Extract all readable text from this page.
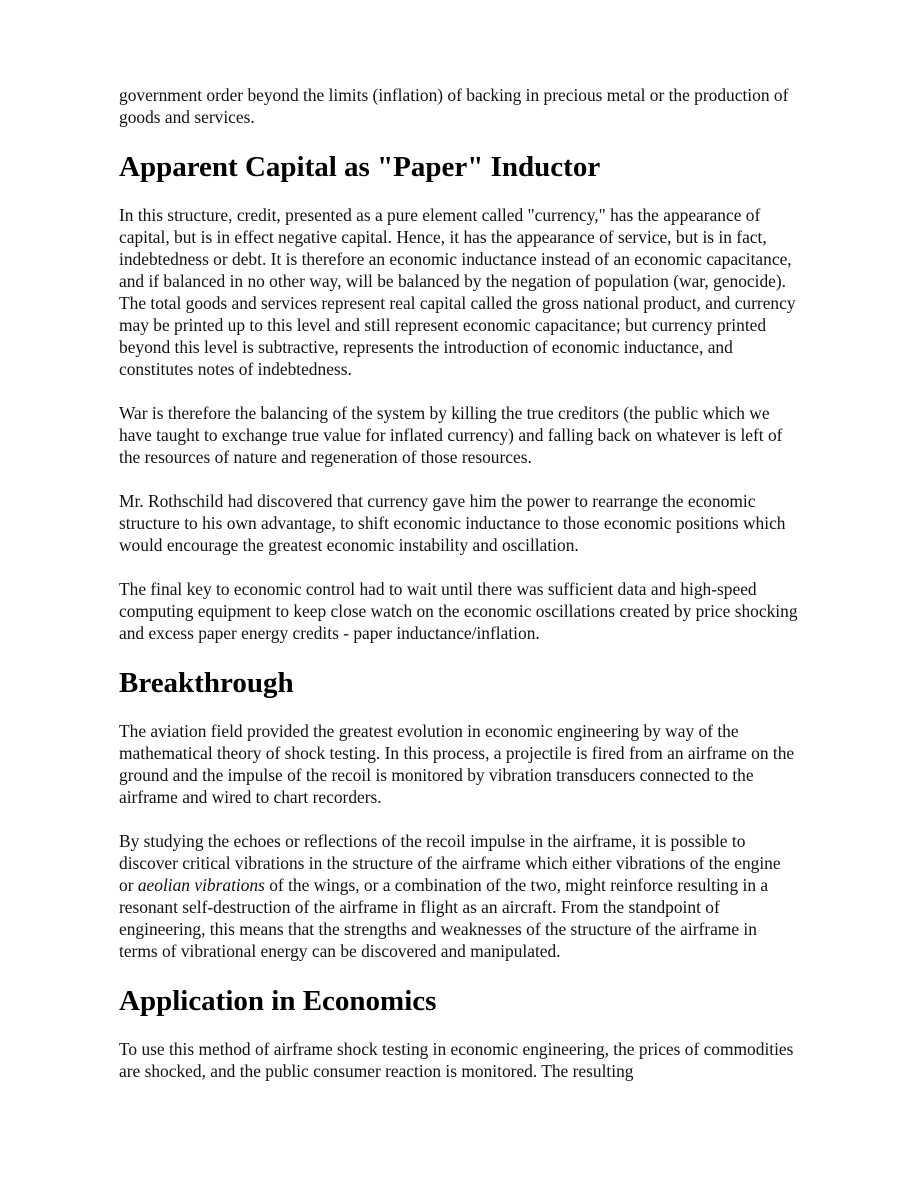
government order beyond the limits (inflation) of backing in precious metal or the production of goods and services.

Apparent Capital as "Paper" Inductor

In this structure, credit, presented as a pure element called "currency," has the appearance of capital, but is in effect negative capital. Hence, it has the appearance of service, but is in fact, indebtedness or debt. It is therefore an economic inductance instead of an economic capacitance, and if balanced in no other way, will be balanced by the negation of population (war, genocide). The total goods and services represent real capital called the gross national product, and currency may be printed up to this level and still represent economic capacitance; but currency printed beyond this level is subtractive, represents the introduction of economic inductance, and constitutes notes of indebtedness.

War is therefore the balancing of the system by killing the true creditors (the public which we have taught to exchange true value for inflated currency) and falling back on whatever is left of the resources of nature and regeneration of those resources.

Mr. Rothschild had discovered that currency gave him the power to rearrange the economic structure to his own advantage, to shift economic inductance to those economic positions which would encourage the greatest economic instability and oscillation.

The final key to economic control had to wait until there was sufficient data and high-speed computing equipment to keep close watch on the economic oscillations created by price shocking and excess paper energy credits - paper inductance/inflation.

Breakthrough

The aviation field provided the greatest evolution in economic engineering by way of the mathematical theory of shock testing. In this process, a projectile is fired from an airframe on the ground and the impulse of the recoil is monitored by vibration transducers connected to the airframe and wired to chart recorders.

By studying the echoes or reflections of the recoil impulse in the airframe, it is possible to discover critical vibrations in the structure of the airframe which either vibrations of the engine or aeolian vibrations of the wings, or a combination of the two, might reinforce resulting in a resonant self-destruction of the airframe in flight as an aircraft. From the standpoint of engineering, this means that the strengths and weaknesses of the structure of the airframe in terms of vibrational energy can be discovered and manipulated.

Application in Economics

To use this method of airframe shock testing in economic engineering, the prices of commodities are shocked, and the public consumer reaction is monitored. The resulting
